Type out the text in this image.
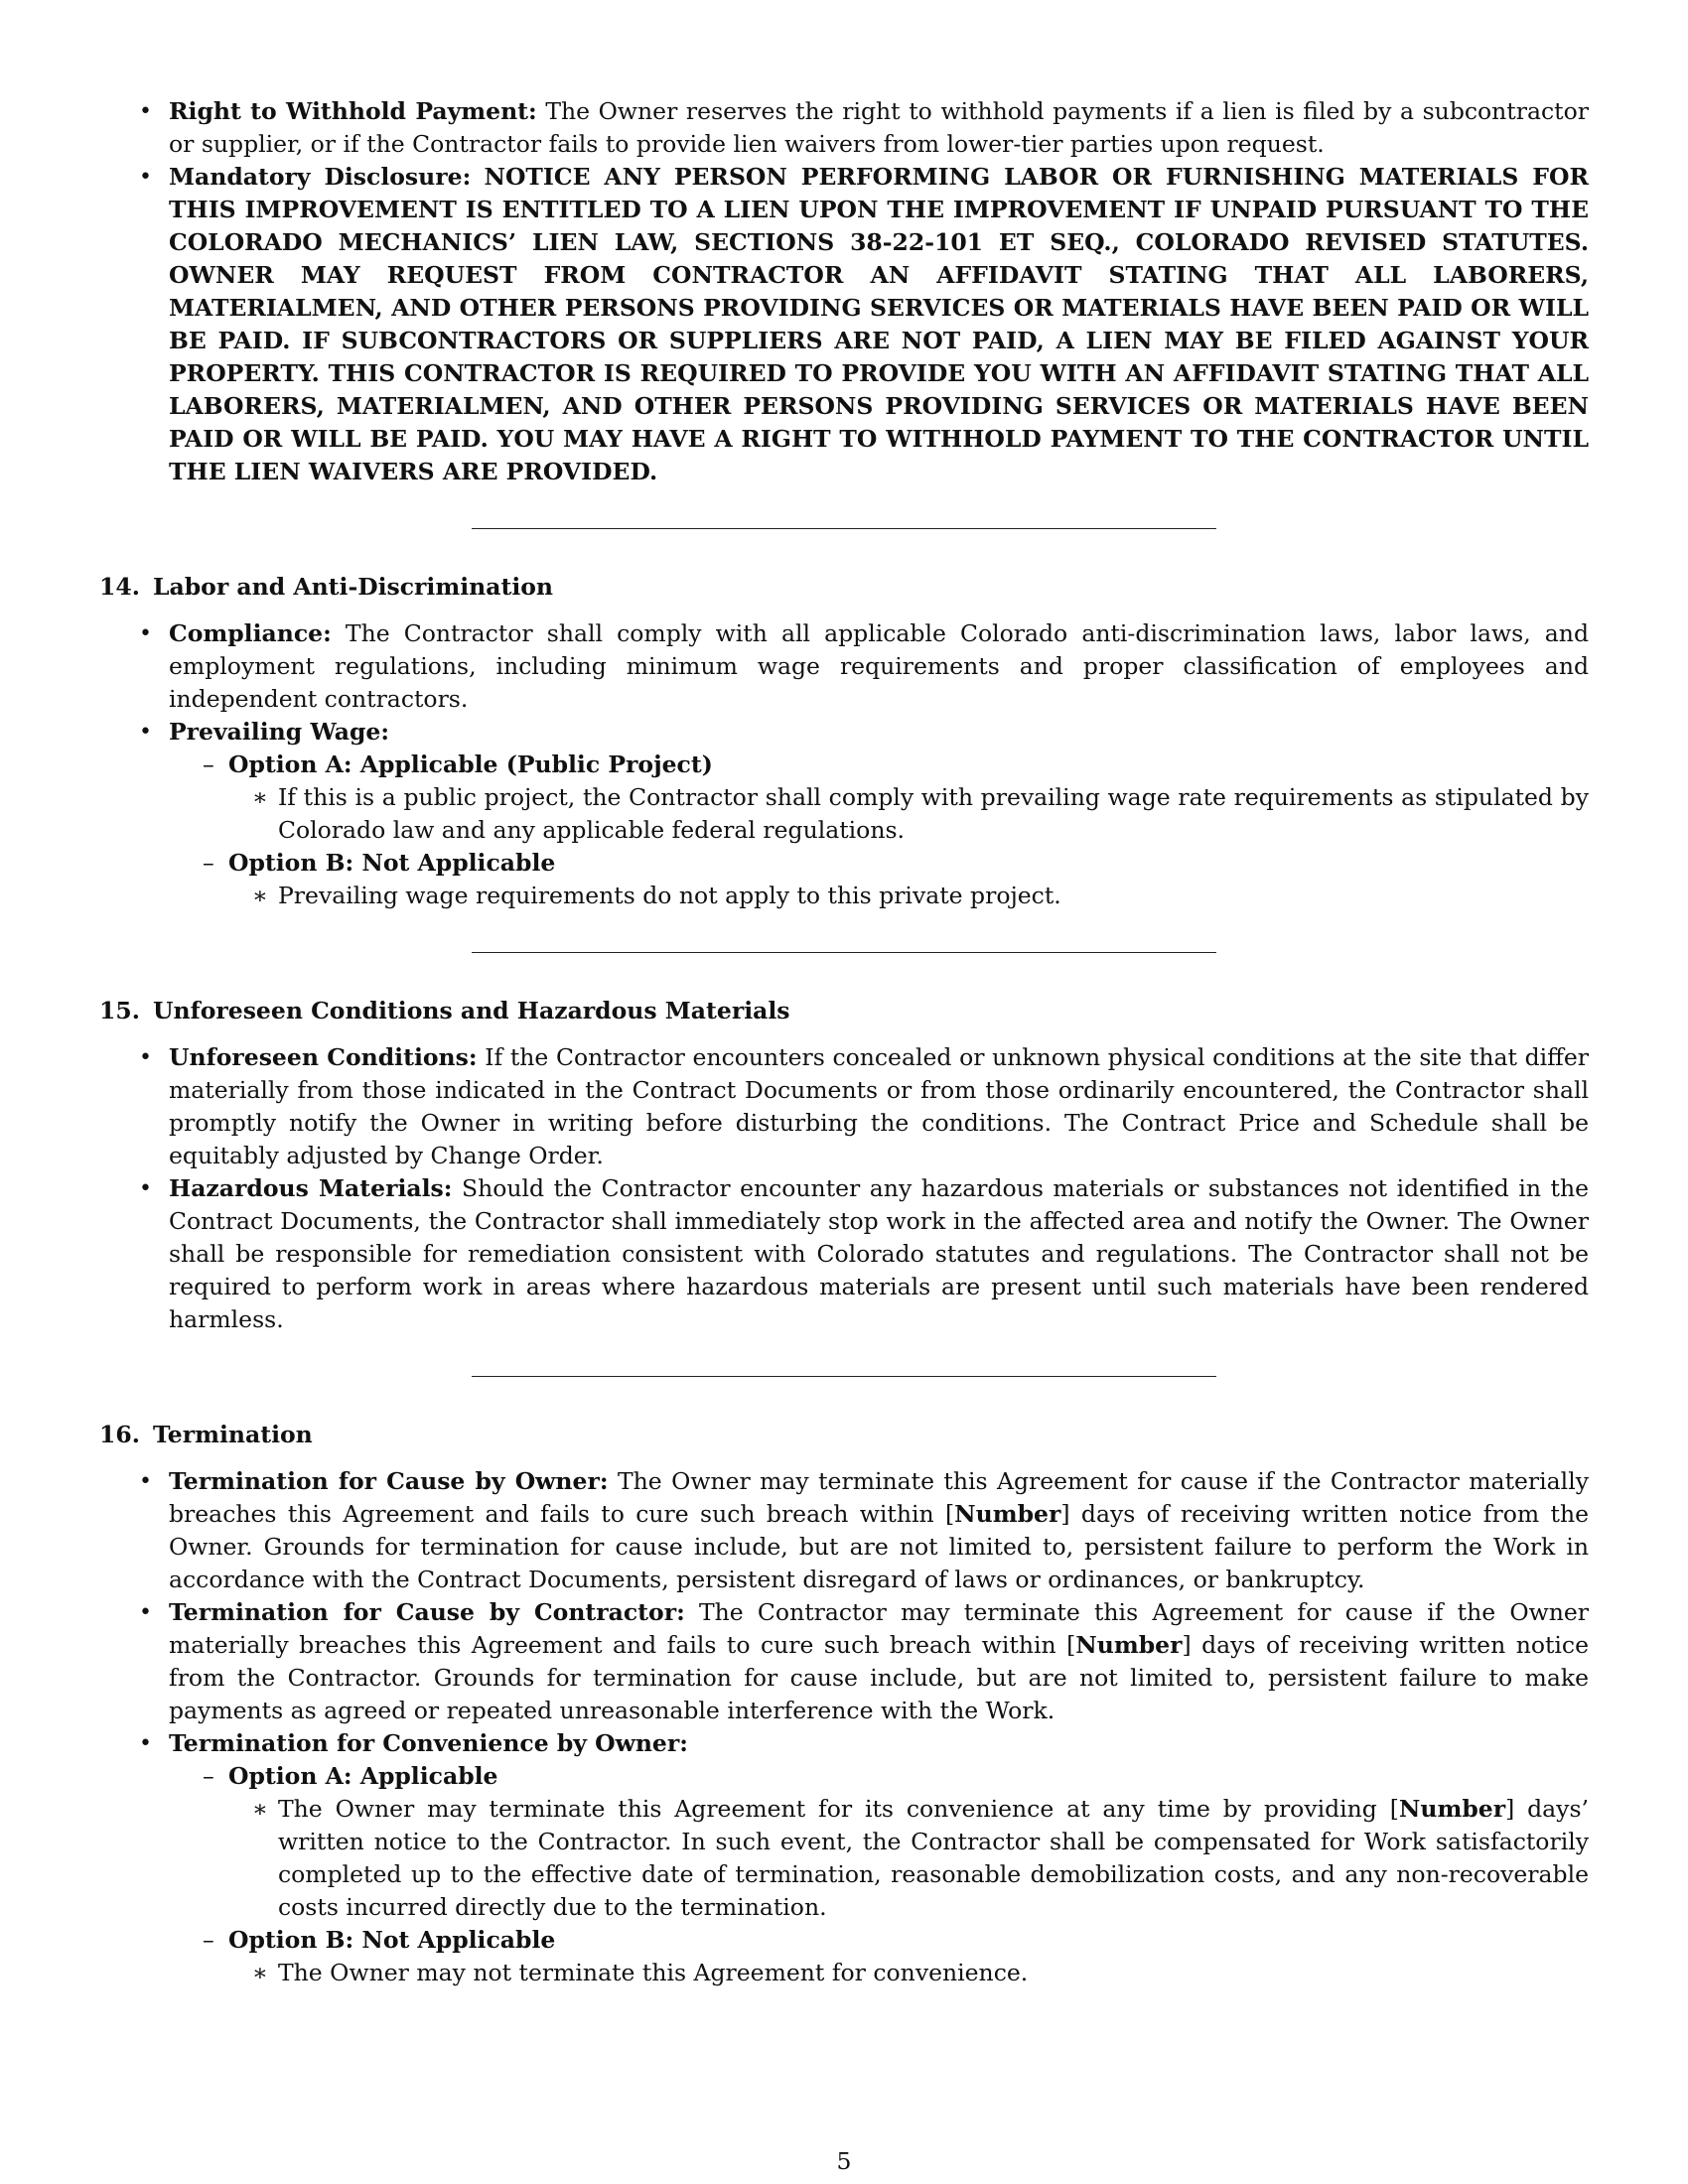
• Right to Withhold Payment: The Owner reserves the right to withhold payments if a lien is filed by a subcontractor or supplier, or if the Contractor fails to provide lien waivers from lower-tier parties upon request.
• Mandatory Disclosure: NOTICE ANY PERSON PERFORMING LABOR OR FURNISHING MATERIALS FOR THIS IMPROVEMENT IS ENTITLED TO A LIEN UPON THE IMPROVEMENT IF UNPAID PURSUANT TO THE COLORADO MECHANICS’ LIEN LAW, SECTIONS 38-22-101 ET SEQ., COLORADO REVISED STATUTES. OWNER MAY REQUEST FROM CONTRACTOR AN AFFIDAVIT STATING THAT ALL LABORERS, MATERIALMEN, AND OTHER PERSONS PROVIDING SERVICES OR MATERIALS HAVE BEEN PAID OR WILL BE PAID. IF SUBCONTRACTORS OR SUPPLIERS ARE NOT PAID, A LIEN MAY BE FILED AGAINST YOUR PROPERTY. THIS CONTRACTOR IS REQUIRED TO PROVIDE YOU WITH AN AFFIDAVIT STATING THAT ALL LABORERS, MATERIALMEN, AND OTHER PERSONS PROVIDING SERVICES OR MATERIALS HAVE BEEN PAID OR WILL BE PAID. YOU MAY HAVE A RIGHT TO WITHHOLD PAYMENT TO THE CONTRACTOR UNTIL THE LIEN WAIVERS ARE PROVIDED.
14. Labor and Anti-Discrimination
• Compliance: The Contractor shall comply with all applicable Colorado anti-discrimination laws, labor laws, and employment regulations, including minimum wage requirements and proper classification of employees and independent contractors.
• Prevailing Wage:
– Option A: Applicable (Public Project)
∗ If this is a public project, the Contractor shall comply with prevailing wage rate requirements as stipulated by Colorado law and any applicable federal regulations.
– Option B: Not Applicable
∗ Prevailing wage requirements do not apply to this private project.
15. Unforeseen Conditions and Hazardous Materials
• Unforeseen Conditions: If the Contractor encounters concealed or unknown physical conditions at the site that differ materially from those indicated in the Contract Documents or from those ordinarily encountered, the Contractor shall promptly notify the Owner in writing before disturbing the conditions. The Contract Price and Schedule shall be equitably adjusted by Change Order.
• Hazardous Materials: Should the Contractor encounter any hazardous materials or substances not identified in the Contract Documents, the Contractor shall immediately stop work in the affected area and notify the Owner. The Owner shall be responsible for remediation consistent with Colorado statutes and regulations. The Contractor shall not be required to perform work in areas where hazardous materials are present until such materials have been rendered harmless.
16. Termination
• Termination for Cause by Owner: The Owner may terminate this Agreement for cause if the Contractor materially breaches this Agreement and fails to cure such breach within [Number] days of receiving written notice from the Owner. Grounds for termination for cause include, but are not limited to, persistent failure to perform the Work in accordance with the Contract Documents, persistent disregard of laws or ordinances, or bankruptcy.
• Termination for Cause by Contractor: The Contractor may terminate this Agreement for cause if the Owner materially breaches this Agreement and fails to cure such breach within [Number] days of receiving written notice from the Contractor. Grounds for termination for cause include, but are not limited to, persistent failure to make payments as agreed or repeated unreasonable interference with the Work.
• Termination for Convenience by Owner:
– Option A: Applicable
∗ The Owner may terminate this Agreement for its convenience at any time by providing [Number] days’ written notice to the Contractor. In such event, the Contractor shall be compensated for Work satisfactorily completed up to the effective date of termination, reasonable demobilization costs, and any non-recoverable costs incurred directly due to the termination.
– Option B: Not Applicable
∗ The Owner may not terminate this Agreement for convenience.
5
